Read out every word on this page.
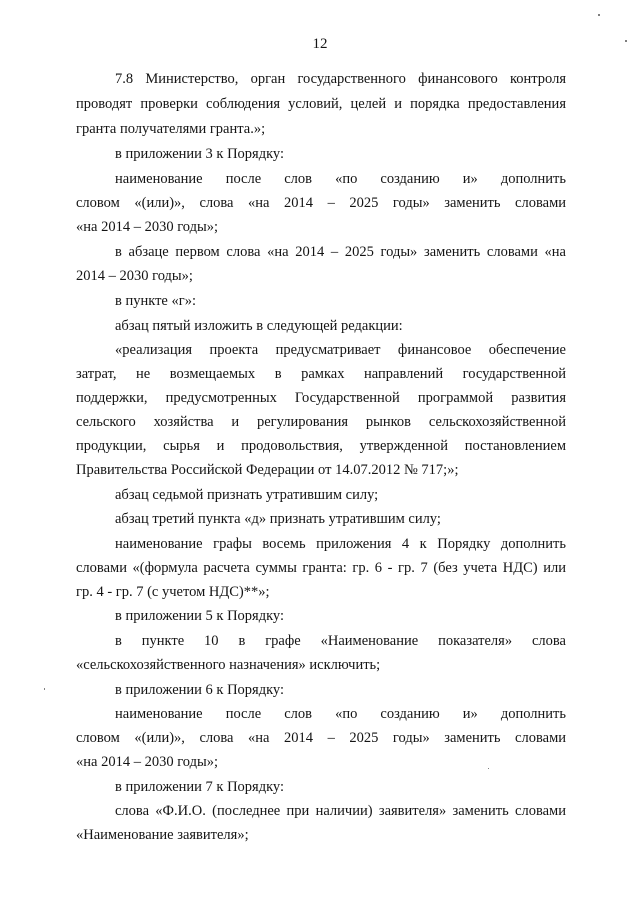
12
7.8 Министерство, орган государственного финансового контроля
проводят проверки соблюдения условий, целей и порядка предоставления
гранта получателями гранта.»;
в приложении 3 к Порядку:
наименование после слов «по созданию и» дополнить
словом «(или)», слова «на 2014 – 2025 годы» заменить словами
«на 2014 – 2030 годы»;
в абзаце первом слова «на 2014 – 2025 годы» заменить словами «на
2014 – 2030 годы»;
в пункте «г»:
абзац пятый изложить в следующей редакции:
«реализация проекта предусматривает финансовое обеспечение
затрат, не возмещаемых в рамках направлений государственной
поддержки, предусмотренных Государственной программой развития
сельского хозяйства и регулирования рынков сельскохозяйственной
продукции, сырья и продовольствия, утвержденной постановлением
Правительства Российской Федерации от 14.07.2012 № 717;»;
абзац седьмой признать утратившим силу;
абзац третий пункта «д» признать утратившим силу;
наименование графы восемь приложения 4 к Порядку дополнить
словами «(формула расчета суммы гранта: гр. 6 - гр. 7 (без учета НДС) или
гр. 4 - гр. 7 (с учетом НДС)**»;
в приложении 5 к Порядку:
в пункте 10 в графе «Наименование показателя» слова
«сельскохозяйственного назначения» исключить;
в приложении 6 к Порядку:
наименование после слов «по созданию и» дополнить
словом «(или)», слова «на 2014 – 2025 годы» заменить словами
«на 2014 – 2030 годы»;
в приложении 7 к Порядку:
слова «Ф.И.О. (последнее при наличии) заявителя» заменить словами
«Наименование заявителя»;
